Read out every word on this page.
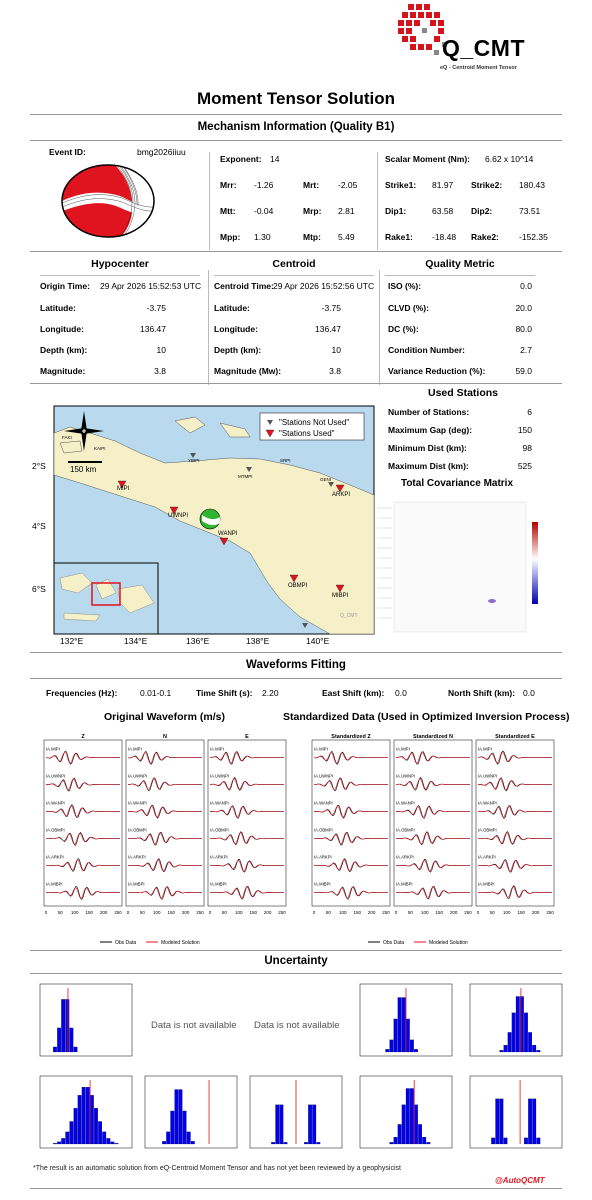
Q_CMT
eQ - Centroid Moment Tensor
Moment Tensor Solution
Mechanism Information (Quality B1)
Event ID:	bmg2026iiuu
Exponent: 14	Scalar Moment (Nm): 6.62 x 10^14
Mrr: -1.26	Mrt: -2.05	Strike1: 81.97 Strike2: 180.43
Mtt: -0.04	Mrp: 2.81	Dip1:	63.58 Dip2:	73.51
Mpp: 1.30	Mtp: 5.49	Rake1: -18.48 Rake2: -152.35
Hypocenter	Centroid	Quality Metric
Origin Time: 29 Apr 2026 15:52:53 UTC
Latitude:	-3.75
Longitude:	136.47
Depth (km):	10
Magnitude:	3.8
Centroid Time: 29 Apr 2026 15:52:56 UTC
Latitude:	-3.75
Longitude:	136.47
Depth (km):	10
Magnitude (Mw):	3.8
ISO (%):	0.0
CLVD (%):	20.0
DC (%):	80.0
Condition Number:	2.7
Variance Reduction (%):	59.0
Used Stations
Number of Stations:	6
Maximum Gap (deg):	150
Minimum Dist (km):	98
Maximum Dist (km):	525
150 km
"Stations Not Used"
"Stations Used"
MIPI
UWNPI
WANPI
OBMPI
ARKPI
MIBPI
FAKI
KAIPI
YBIPI	SRPI
MTMPI
GENI
Q_CMT
2°S
4°S
6°S
132°E	134°E	136°E	138°E	140°E
Total Covariance Matrix
Waveforms Fitting
Frequencies (Hz):	0.01-0.1	Time Shift (s): 2.20	East Shift (km): 0.0	North Shift (km): 0.0
Original Waveform (m/s)	Standardized Data (Used in Optimized Inversion Process)
Z
IA.MIPI
IA.UWNPI
IA.WANPI
IA.OBMPI
IA.ARKPI
IA.MIBPI
0 50 100 150 200 250
N
IA.MIPI
IA.UWNPI
IA.WANPI
IA.OBMPI
IA.ARKPI
IA.MIBPI
0 50 100 150 200 250
E
IA.MIPI
IA.UWNPI
IA.WANPI
IA.OBMPI
IA.ARKPI
IA.MIBPI
0 50 100 150 200 250
Obs Data	Modeled Solution
Standardized Z
IA.MIPI
IA.UWNPI
IA.WANPI
IA.OBMPI
IA.ARKPI
IA.MIBPI
0 50 100 150 200 250
Standardized N
IA.MIPI
IA.UWNPI
IA.WANPI
IA.OBMPI
IA.ARKPI
IA.MIBPI
0 50 100 150 200 250
Standardized E
IA.MIPI
IA.UWNPI
IA.WANPI
IA.OBMPI
IA.ARKPI
IA.MIBPI
0 50 100 150 200 250
Obs Data	Modeled Solution
Uncertainty
Data is not available Data is not available
*The result is an automatic solution from eQ-Centroid Moment Tensor and has not yet been reviewed by a geophysicist
@AutoQCMT
